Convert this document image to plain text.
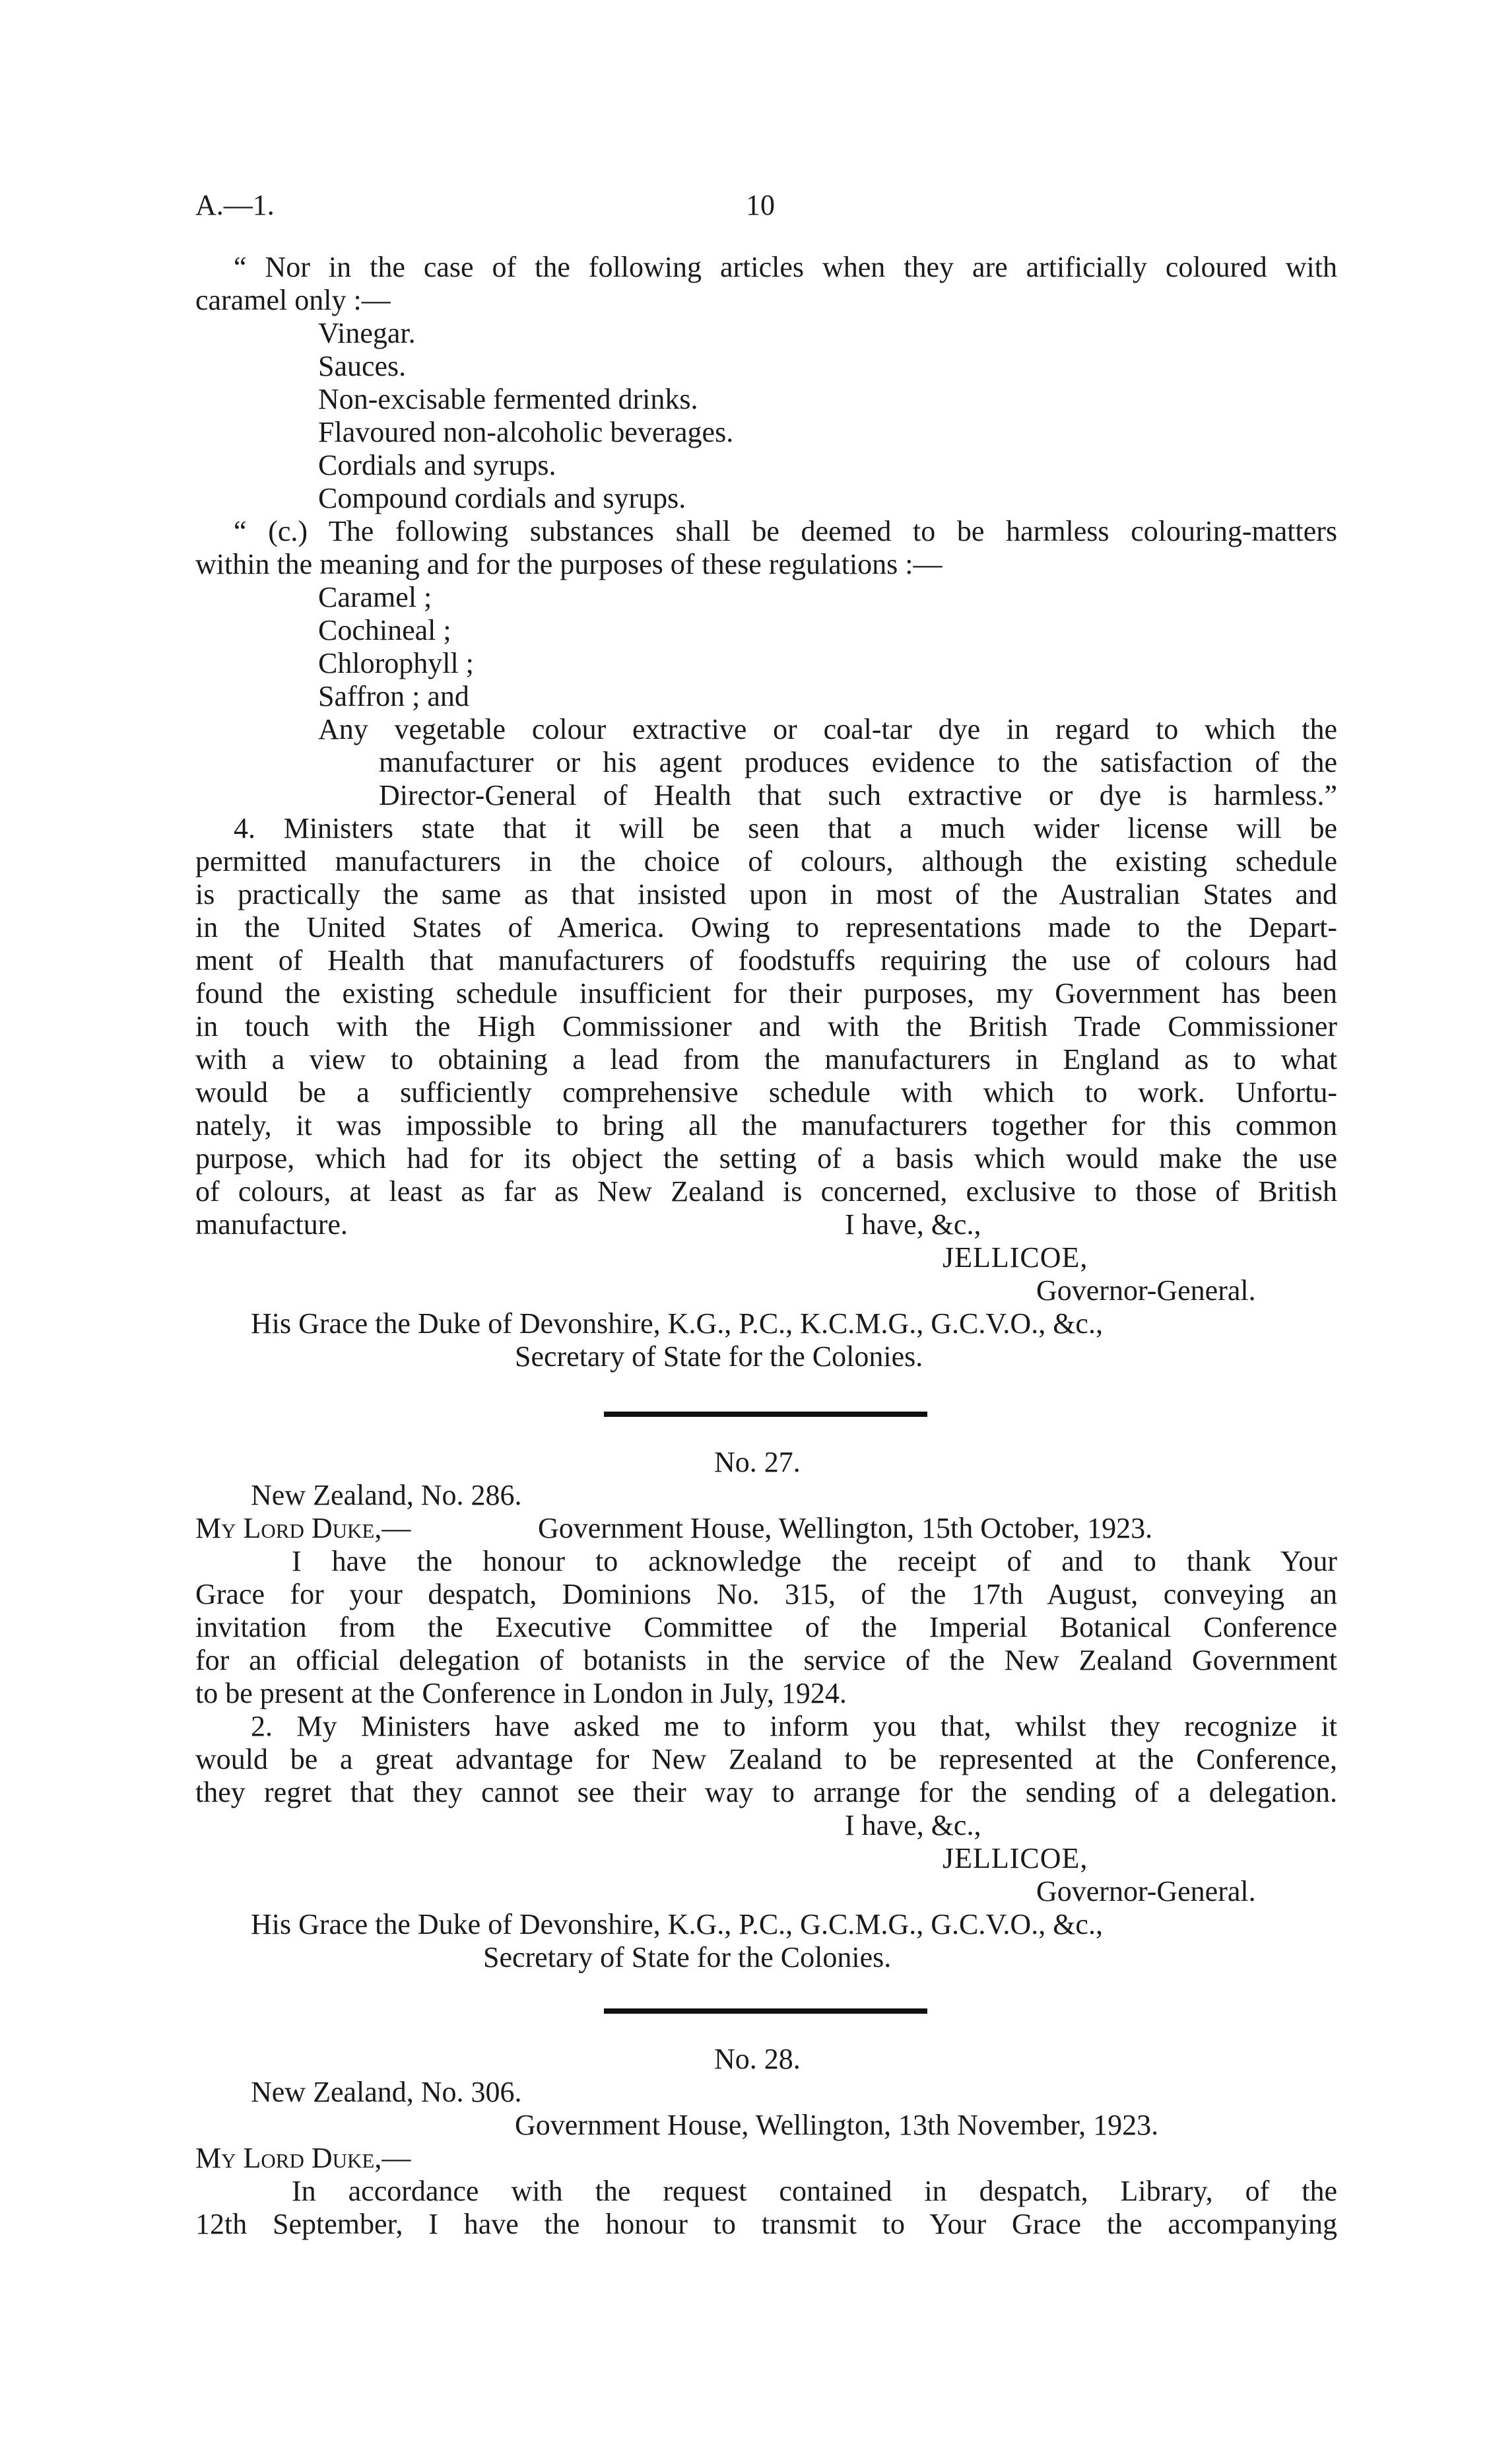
A.—1.	10
“ Nor in the case of the following articles when they are artificially coloured with
caramel only :—
Vinegar.
Sauces.
Non-excisable fermented drinks.
Flavoured non-alcoholic beverages.
Cordials and syrups.
Compound cordials and syrups.
“ (c.) The following substances shall be deemed to be harmless colouring-matters
within the meaning and for the purposes of these regulations :—
Caramel ;
Cochineal ;
Chlorophyll ;
Saffron ; and
Any vegetable colour extractive or coal-tar dye in regard to which the
manufacturer or his agent produces evidence to the satisfaction of the
Director-General of Health that such extractive or dye is harmless.”
4. Ministers state that it will be seen that a much wider license will be
permitted manufacturers in the choice of colours, although the existing schedule
is practically the same as that insisted upon in most of the Australian States and
in the United States of America. Owing to representations made to the Depart-
ment of Health that manufacturers of foodstuffs requiring the use of colours had
found the existing schedule insufficient for their purposes, my Government has been
in touch with the High Commissioner and with the British Trade Commissioner
with a view to obtaining a lead from the manufacturers in England as to what
would be a sufficiently comprehensive schedule with which to work. Unfortu-
nately, it was impossible to bring all the manufacturers together for this common
purpose, which had for its object the setting of a basis which would make the use
of colours, at least as far as New Zealand is concerned, exclusive to those of British
manufacture.	I have, &c.,
JELLICOE,
Governor-General.
His Grace the Duke of Devonshire, K.G., P.C., K.C.M.G., G.C.V.O., &c.,
Secretary of State for the Colonies.
No. 27.
New Zealand, No. 286.
My Lord Duke,—	Government House, Wellington, 15th October, 1923.
I have the honour to acknowledge the receipt of and to thank Your
Grace for your despatch, Dominions No. 315, of the 17th August, conveying an
invitation from the Executive Committee of the Imperial Botanical Conference
for an official delegation of botanists in the service of the New Zealand Government
to be present at the Conference in London in July, 1924.
2. My Ministers have asked me to inform you that, whilst they recognize it
would be a great advantage for New Zealand to be represented at the Conference,
they regret that they cannot see their way to arrange for the sending of a delegation.
I have, &c.,
JELLICOE,
Governor-General.
His Grace the Duke of Devonshire, K.G., P.C., G.C.M.G., G.C.V.O., &c.,
Secretary of State for the Colonies.
No. 28.
New Zealand, No. 306.
Government House, Wellington, 13th November, 1923.
My Lord Duke,—
In accordance with the request contained in despatch, Library, of the
12th September, I have the honour to transmit to Your Grace the accompanying
